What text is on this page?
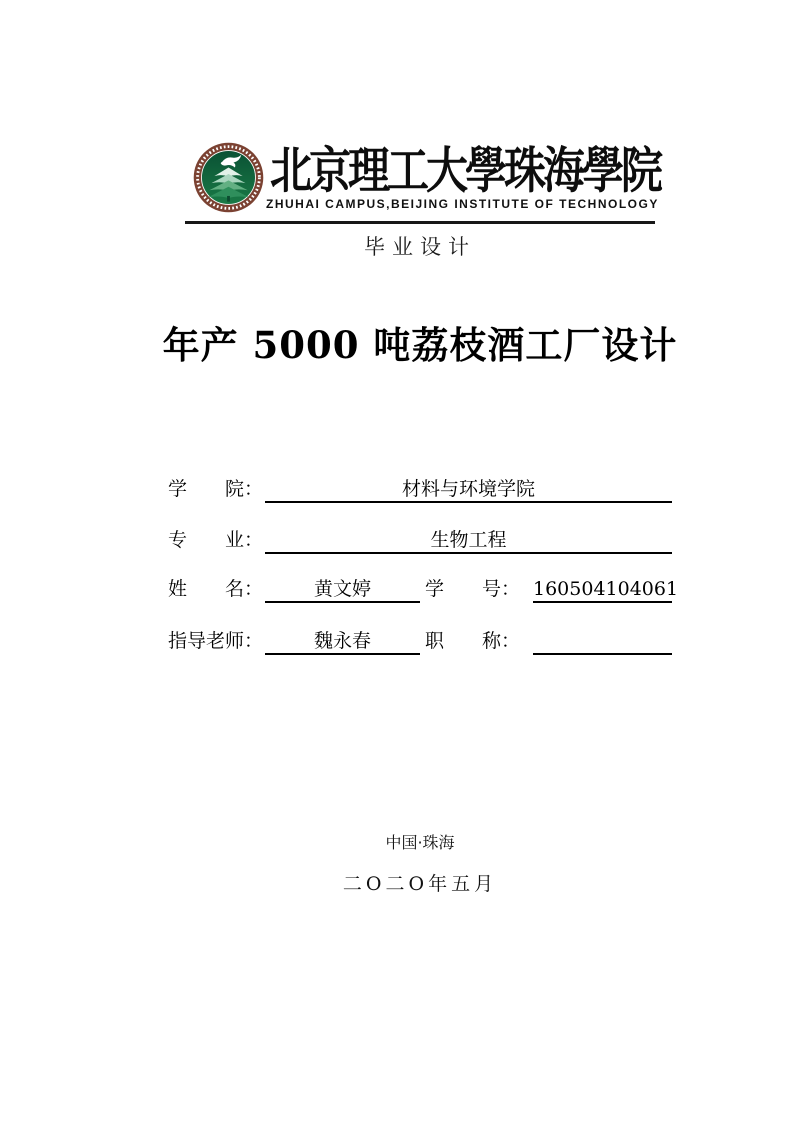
北京理工大學珠海學院
ZHUHAI CAMPUS,BEIJING INSTITUTE OF TECHNOLOGY
毕业设计
年产 5000 吨荔枝酒工厂设计
学　　院：	材料与环境学院
专　　业：	生物工程
姓　　名：	黄文婷	学　　号： 160504104061
指导老师：	魏永春	职　　称：
中国·珠海
二O二O年五月
